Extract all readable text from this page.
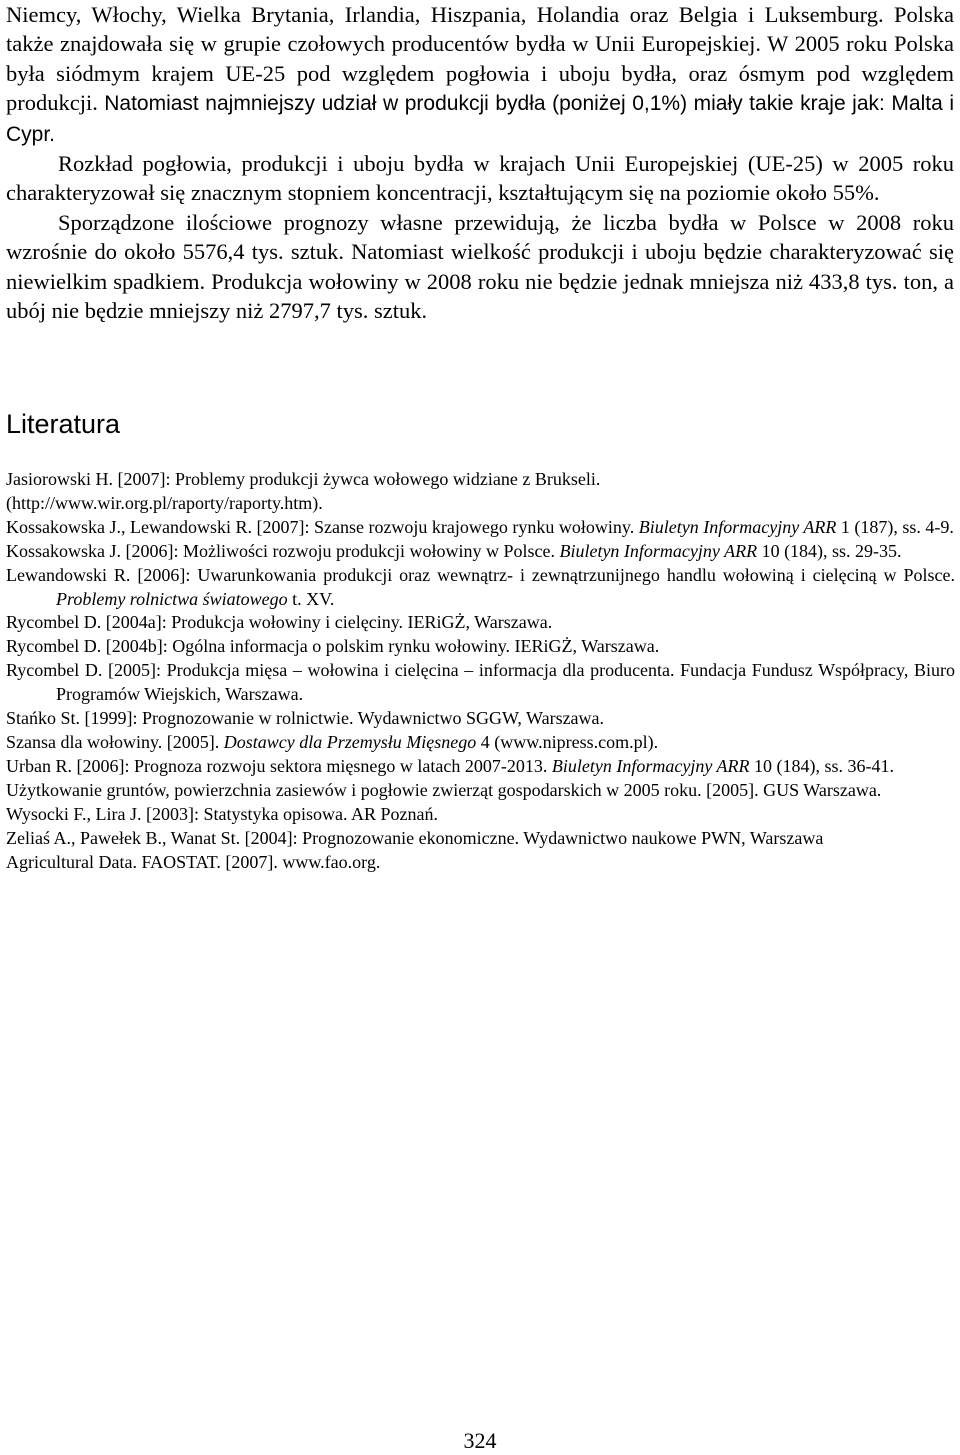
Niemcy, Włochy, Wielka Brytania, Irlandia, Hiszpania, Holandia oraz Belgia i Luksemburg. Polska także znajdowała się w grupie czołowych producentów bydła w Unii Europejskiej. W 2005 roku Polska była siódmym krajem UE-25 pod względem pogłowia i uboju bydła, oraz ósmym pod względem produkcji. Natomiast najmniejszy udział w produkcji bydła (poniżej 0,1%) miały takie kraje jak: Malta i Cypr.

Rozkład pogłowia, produkcji i uboju bydła w krajach Unii Europejskiej (UE-25) w 2005 roku charakteryzował się znacznym stopniem koncentracji, kształtującym się na poziomie około 55%.

Sporządzone ilościowe prognozy własne przewidują, że liczba bydła w Polsce w 2008 roku wzrośnie do około 5576,4 tys. sztuk. Natomiast wielkość produkcji i uboju będzie charakteryzować się niewielkim spadkiem. Produkcja wołowiny w 2008 roku nie będzie jednak mniejsza niż 433,8 tys. ton, a ubój nie będzie mniejszy niż 2797,7 tys. sztuk.

Literatura
Jasiorowski H. [2007]: Problemy produkcji żywca wołowego widziane z Brukseli.
(http://www.wir.org.pl/raporty/raporty.htm).
Kossakowska J., Lewandowski R. [2007]: Szanse rozwoju krajowego rynku wołowiny. Biuletyn Informacyjny ARR 1 (187), ss. 4-9.
Kossakowska J. [2006]: Możliwości rozwoju produkcji wołowiny w Polsce. Biuletyn Informacyjny ARR 10 (184), ss. 29-35.
Lewandowski R. [2006]: Uwarunkowania produkcji oraz wewnątrz- i zewnątrzunijnego handlu wołowiną i cielęciną w Polsce. Problemy rolnictwa światowego t. XV.
Rycombel D. [2004a]: Produkcja wołowiny i cielęciny. IERiGŻ, Warszawa.
Rycombel D. [2004b]: Ogólna informacja o polskim rynku wołowiny. IERiGŻ, Warszawa.
Rycombel D. [2005]: Produkcja mięsa – wołowina i cielęcina – informacja dla producenta. Fundacja Fundusz Współpracy, Biuro Programów Wiejskich, Warszawa.
Stańko St. [1999]: Prognozowanie w rolnictwie. Wydawnictwo SGGW, Warszawa.
Szansa dla wołowiny. [2005]. Dostawcy dla Przemysłu Mięsnego 4 (www.nipress.com.pl).
Urban R. [2006]: Prognoza rozwoju sektora mięsnego w latach 2007-2013. Biuletyn Informacyjny ARR 10 (184), ss. 36-41.
Użytkowanie gruntów, powierzchnia zasiewów i pogłowie zwierząt gospodarskich w 2005 roku. [2005]. GUS Warszawa.
Wysocki F., Lira J. [2003]: Statystyka opisowa. AR Poznań.
Zeliaś A., Pawełek B., Wanat St. [2004]: Prognozowanie ekonomiczne. Wydawnictwo naukowe PWN, Warszawa
Agricultural Data. FAOSTAT. [2007]. www.fao.org.
324
